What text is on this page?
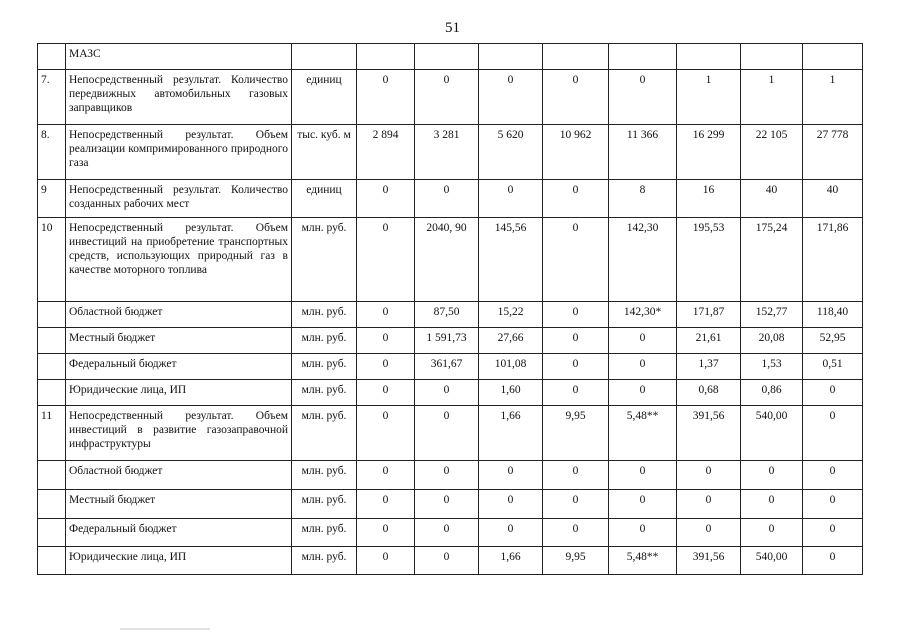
51
	МАЗС									
7.	Непосредственный результат. Количество передвижных автомобильных газовых заправщиков	единиц	0	0	0	0	0	1	1	1
8.	Непосредственный результат. Объем реализации компримированного природного газа	тыс. куб. м	2 894	3 281	5 620	10 962	11 366	16 299	22 105	27 778
9	Непосредственный результат. Количество созданных рабочих мест	единиц	0	0	0	0	8	16	40	40
10	Непосредственный результат. Объем инвестиций на приобретение транспортных средств, использующих природный газ в качестве моторного топлива	млн. руб.	0	2040, 90	145,56	0	142,30	195,53	175,24	171,86
	Областной бюджет	млн. руб.	0	87,50	15,22	0	142,30*	171,87	152,77	118,40
	Местный бюджет	млн. руб.	0	1 591,73	27,66	0	0	21,61	20,08	52,95
	Федеральный бюджет	млн. руб.	0	361,67	101,08	0	0	1,37	1,53	0,51
	Юридические лица, ИП	млн. руб.	0	0	1,60	0	0	0,68	0,86	0
11	Непосредственный результат. Объем инвестиций в развитие газозаправочной инфраструктуры	млн. руб.	0	0	1,66	9,95	5,48**	391,56	540,00	0
	Областной бюджет	млн. руб.	0	0	0	0	0	0	0	0
	Местный бюджет	млн. руб.	0	0	0	0	0	0	0	0
	Федеральный бюджет	млн. руб.	0	0	0	0	0	0	0	0
	Юридические лица, ИП	млн. руб.	0	0	1,66	9,95	5,48**	391,56	540,00	0
